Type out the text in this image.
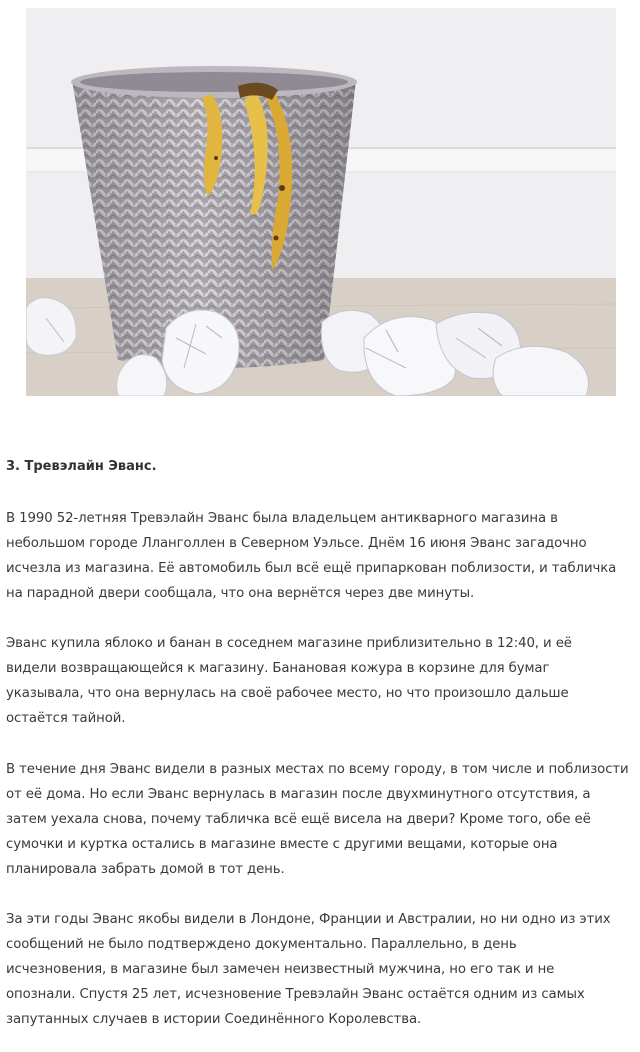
3. Тревэлайн Эванс.

В 1990 52-летняя Тревэлайн Эванс была владельцем антикварного магазина в
небольшом городе Лланголлен в Северном Уэльсе. Днём 16 июня Эванс загадочно
исчезла из магазина. Её автомобиль был всё ещё припаркован поблизости, и табличка
на парадной двери сообщала, что она вернётся через две минуты.

Эванс купила яблоко и банан в соседнем магазине приблизительно в 12:40, и её
видели возвращающейся к магазину. Банановая кожура в корзине для бумаг
указывала, что она вернулась на своё рабочее место, но что произошло дальше
остаётся тайной.

В течение дня Эванс видели в разных местах по всему городу, в том числе и поблизости
от её дома. Но если Эванс вернулась в магазин после двухминутного отсутствия, а
затем уехала снова, почему табличка всё ещё висела на двери? Кроме того, обе её
сумочки и куртка остались в магазине вместе с другими вещами, которые она
планировала забрать домой в тот день.

За эти годы Эванс якобы видели в Лондоне, Франции и Австралии, но ни одно из этих
сообщений не было подтверждено документально. Параллельно, в день
исчезновения, в магазине был замечен неизвестный мужчина, но его так и не
опознали. Спустя 25 лет, исчезновение Тревэлайн Эванс остаётся одним из самых
запутанных случаев в истории Соединённого Королевства.
